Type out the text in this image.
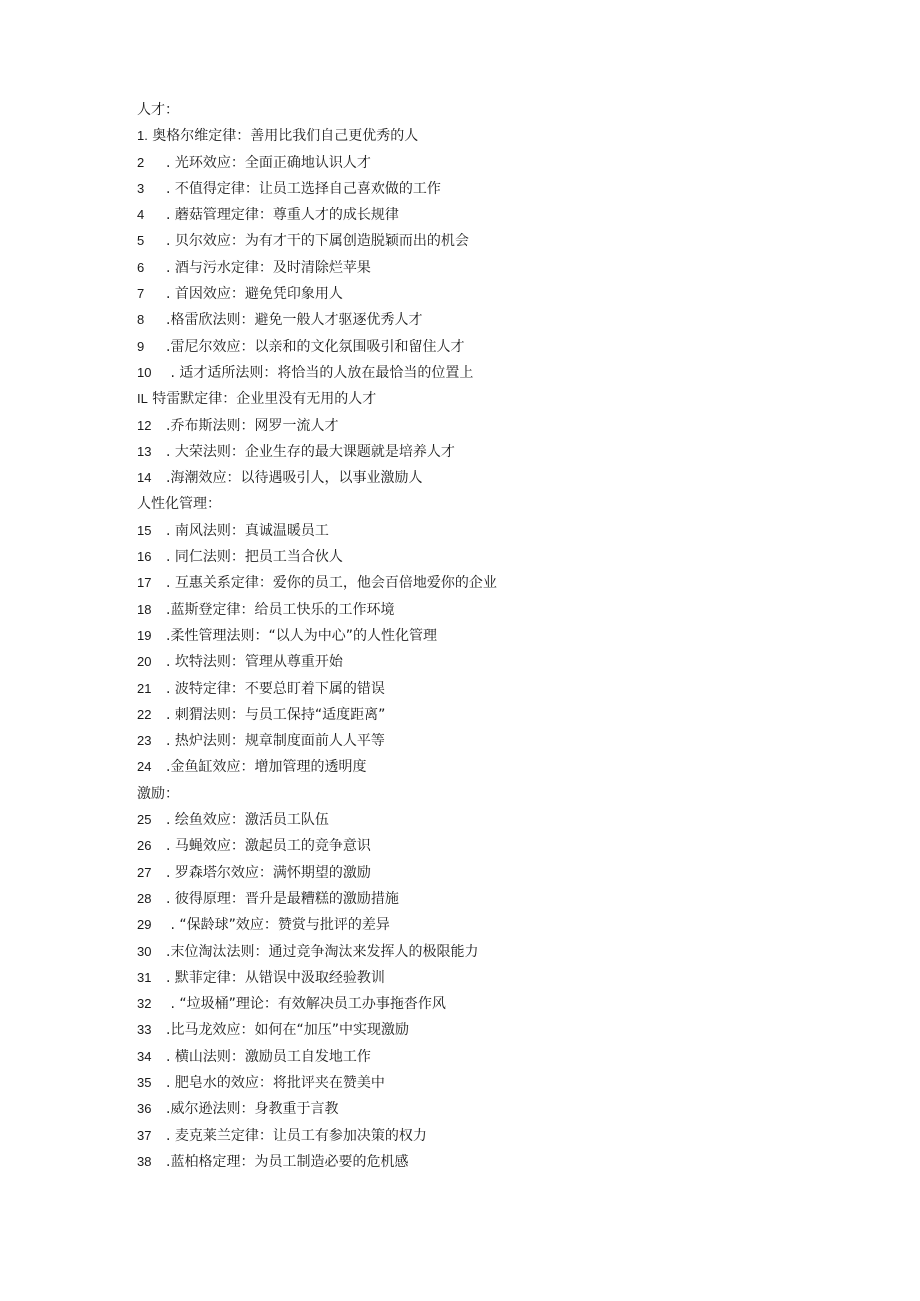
人才：
1. 奥格尔维定律：善用比我们自己更优秀的人
2 . 光环效应：全面正确地认识人才
3 . 不值得定律：让员工选择自己喜欢做的工作
4 . 蘑菇管理定律：尊重人才的成长规律
5 . 贝尔效应：为有才干的下属创造脱颖而出的机会
6 . 酒与污水定律：及时清除烂苹果
7 . 首因效应：避免凭印象用人
8 .格雷欣法则：避免一般人才驱逐优秀人才
9 .雷尼尔效应：以亲和的文化氛围吸引和留住人才
10 . 适才适所法则：将恰当的人放在最恰当的位置上
IL 特雷默定律：企业里没有无用的人才
12 .乔布斯法则：网罗一流人才
13 . 大荣法则：企业生存的最大课题就是培养人才
14 .海潮效应：以待遇吸引人，以事业激励人
人性化管理：
15 . 南风法则：真诚温暖员工
16 . 同仁法则：把员工当合伙人
17 . 互惠关系定律：爱你的员工，他会百倍地爱你的企业
18 .蓝斯登定律：给员工快乐的工作环境
19 .柔性管理法则：“以人为中心”的人性化管理
20 . 坎特法则：管理从尊重开始
21 . 波特定律：不要总盯着下属的错误
22 . 刺猬法则：与员工保持“适度距离”
23 . 热炉法则：规章制度面前人人平等
24 .金鱼缸效应：增加管理的透明度
激励：
25 . 绘鱼效应：激活员工队伍
26 . 马蝇效应：激起员工的竞争意识
27 . 罗森塔尔效应：满怀期望的激励
28 . 彼得原理：晋升是最糟糕的激励措施
29 . “保龄球”效应：赞赏与批评的差异
30 .末位淘汰法则：通过竞争淘汰来发挥人的极限能力
31 . 默菲定律：从错误中汲取经验教训
32 . “垃圾桶”理论：有效解决员工办事拖沓作风
33 .比马龙效应：如何在“加压”中实现激励
34 . 横山法则：激励员工自发地工作
35 . 肥皂水的效应：将批评夹在赞美中
36 .威尔逊法则：身教重于言教
37 . 麦克莱兰定律：让员工有参加决策的权力
38 .蓝柏格定理：为员工制造必要的危机感
